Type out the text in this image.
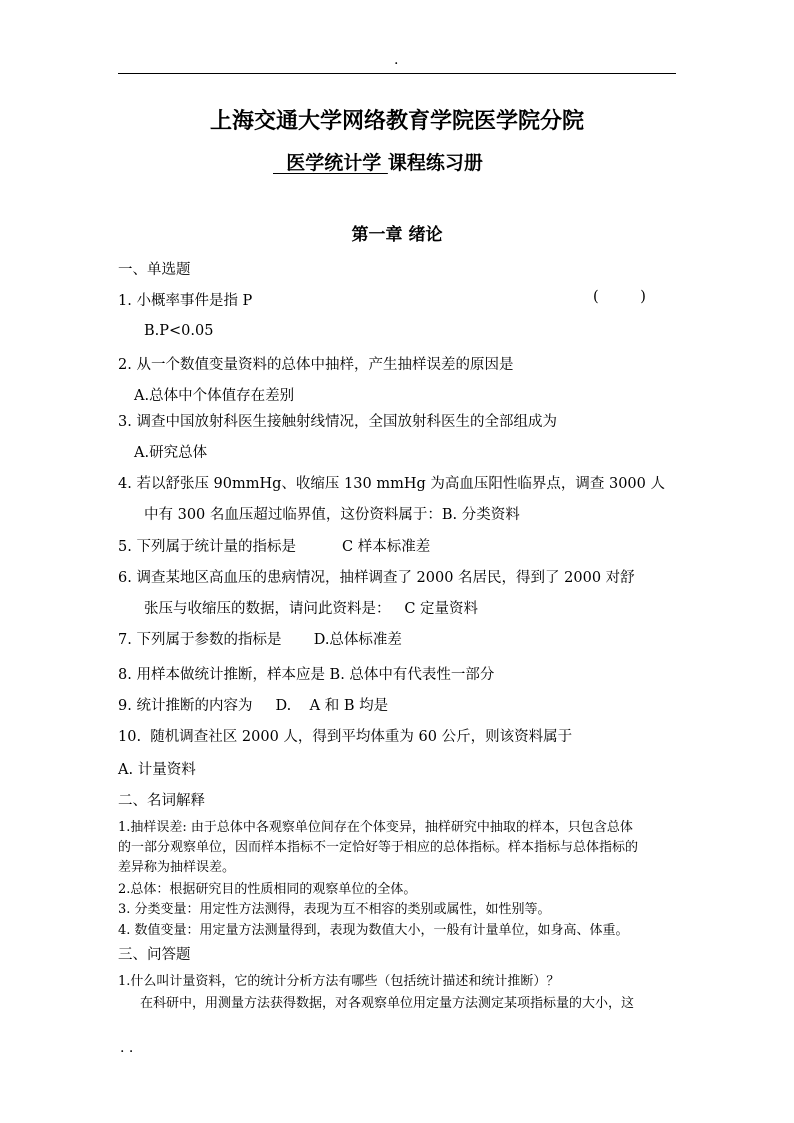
.
上海交通大学网络教育学院医学院分院
医学统计学 课程练习册
第一章 绪论
一、单选题
1. 小概率事件是指 P	(      )
B.P<0.05
2. 从一个数值变量资料的总体中抽样，产生抽样误差的原因是
A.总体中个体值存在差别
3. 调查中国放射科医生接触射线情况，全国放射科医生的全部组成为
A.研究总体
4. 若以舒张压 90mmHg、收缩压 130 mmHg 为高血压阳性临界点，调查 3000 人
中有 300 名血压超过临界值，这份资料属于：B. 分类资料
5. 下列属于统计量的指标是          C 样本标准差
6. 调查某地区高血压的患病情况，抽样调查了 2000 名居民，得到了 2000 对舒
张压与收缩压的数据，请问此资料是：   C 定量资料
7. 下列属于参数的指标是       D.总体标准差
8. 用样本做统计推断，样本应是 B. 总体中有代表性一部分
9. 统计推断的内容为     D.    A 和 B 均是
10.  随机调查社区 2000 人，得到平均体重为 60 公斤，则该资料属于
A. 计量资料
二、名词解释
1.抽样误差: 由于总体中各观察单位间存在个体变异，抽样研究中抽取的样本，只包含总体
的一部分观察单位，因而样本指标不一定恰好等于相应的总体指标。样本指标与总体指标的
差异称为抽样误差。
2.总体：根据研究目的性质相同的观察单位的全体。
3. 分类变量：用定性方法测得，表现为互不相容的类别或属性，如性别等。
4. 数值变量：用定量方法测量得到，表现为数值大小，一般有计量单位，如身高、体重。
三、问答题
1.什么叫计量资料，它的统计分析方法有哪些（包括统计描述和统计推断）？
在科研中，用测量方法获得数据，对各观察单位用定量方法测定某项指标量的大小，这
. .
